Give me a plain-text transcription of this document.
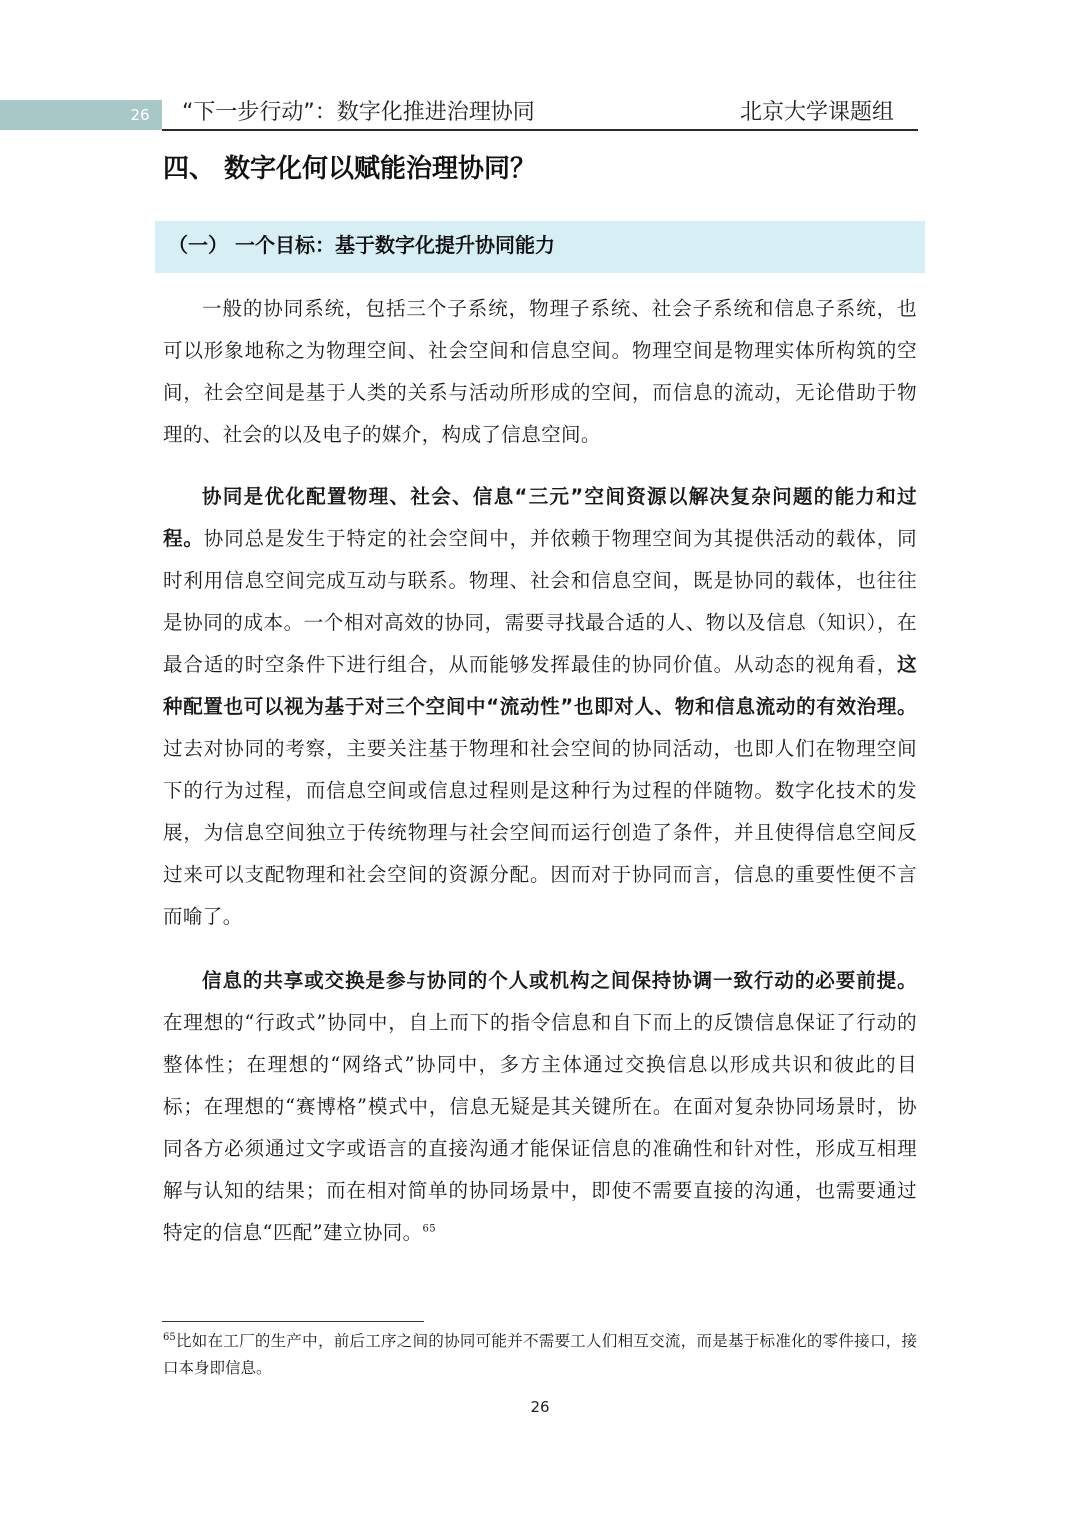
26	“下一步行动”：数字化推进治理协同	北京大学课题组
四、 数字化何以赋能治理协同？
（一） 一个目标：基于数字化提升协同能力

一般的协同系统，包括三个子系统，物理子系统、社会子系统和信息子系统，也可以形象地称之为物理空间、社会空间和信息空间。物理空间是物理实体所构筑的空间，社会空间是基于人类的关系与活动所形成的空间，而信息的流动，无论借助于物理的、社会的以及电子的媒介，构成了信息空间。

协同是优化配置物理、社会、信息“三元”空间资源以解决复杂问题的能力和过程。协同总是发生于特定的社会空间中，并依赖于物理空间为其提供活动的载体，同时利用信息空间完成互动与联系。物理、社会和信息空间，既是协同的载体，也往往是协同的成本。一个相对高效的协同，需要寻找最合适的人、物以及信息（知识），在最合适的时空条件下进行组合，从而能够发挥最佳的协同价值。从动态的视角看，这种配置也可以视为基于对三个空间中“流动性”也即对人、物和信息流动的有效治理。过去对协同的考察，主要关注基于物理和社会空间的协同活动，也即人们在物理空间下的行为过程，而信息空间或信息过程则是这种行为过程的伴随物。数字化技术的发展，为信息空间独立于传统物理与社会空间而运行创造了条件，并且使得信息空间反过来可以支配物理和社会空间的资源分配。因而对于协同而言，信息的重要性便不言而喻了。

信息的共享或交换是参与协同的个人或机构之间保持协调一致行动的必要前提。在理想的“行政式”协同中，自上而下的指令信息和自下而上的反馈信息保证了行动的整体性；在理想的“网络式”协同中，多方主体通过交换信息以形成共识和彼此的目标；在理想的“赛博格”模式中，信息无疑是其关键所在。在面对复杂协同场景时，协同各方必须通过文字或语言的直接沟通才能保证信息的准确性和针对性，形成互相理解与认知的结果；而在相对简单的协同场景中，即使不需要直接的沟通，也需要通过特定的信息“匹配”建立协同。$^{65}$

$^{65}$比如在工厂的生产中，前后工序之间的协同可能并不需要工人们相互交流，而是基于标准化的零件接口，接口本身即信息。

26
